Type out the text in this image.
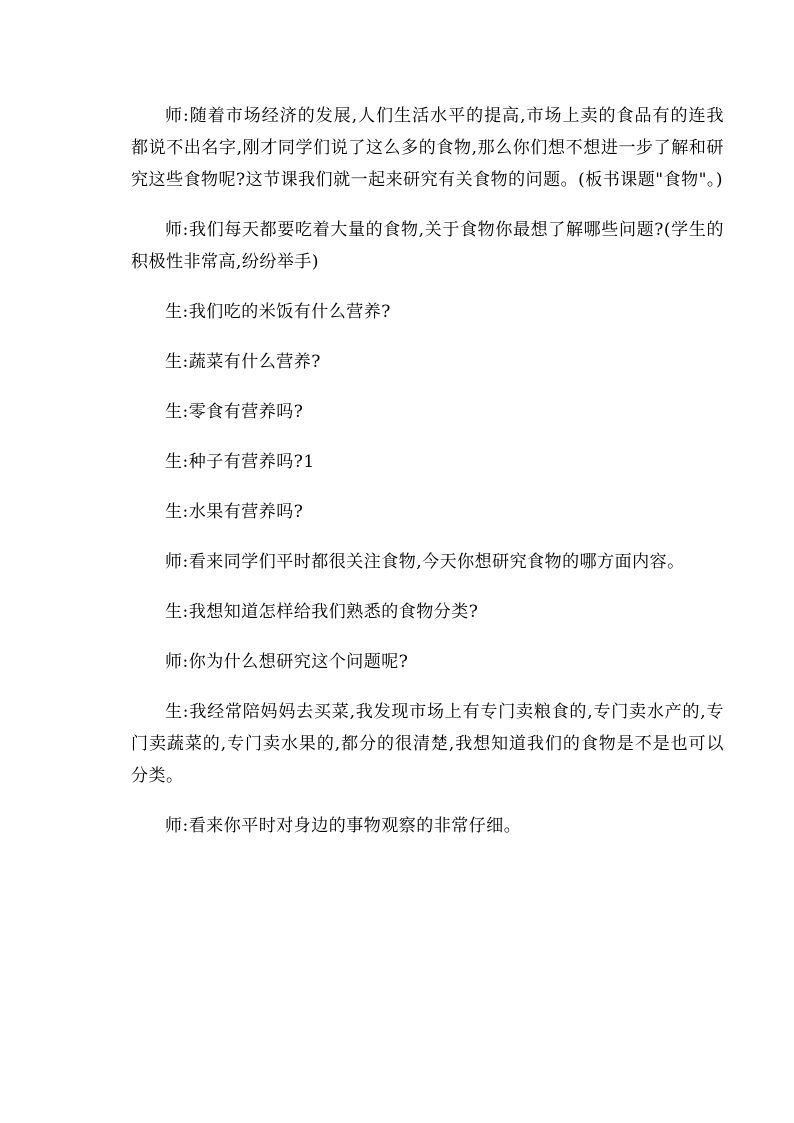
师:随着市场经济的发展,人们生活水平的提高,市场上卖的食品有的连我都说不出名字,刚才同学们说了这么多的食物,那么你们想不想进一步了解和研究这些食物呢?这节课我们就一起来研究有关食物的问题。(板书课题"食物"。)

师:我们每天都要吃着大量的食物,关于食物你最想了解哪些问题?(学生的积极性非常高,纷纷举手)

生:我们吃的米饭有什么营养?

生:蔬菜有什么营养?

生:零食有营养吗?

生:种子有营养吗?1

生:水果有营养吗?

师:看来同学们平时都很关注食物,今天你想研究食物的哪方面内容。

生:我想知道怎样给我们熟悉的食物分类?

师:你为什么想研究这个问题呢?

生:我经常陪妈妈去买菜,我发现市场上有专门卖粮食的,专门卖水产的,专门卖蔬菜的,专门卖水果的,都分的很清楚,我想知道我们的食物是不是也可以分类。

师:看来你平时对身边的事物观察的非常仔细。
